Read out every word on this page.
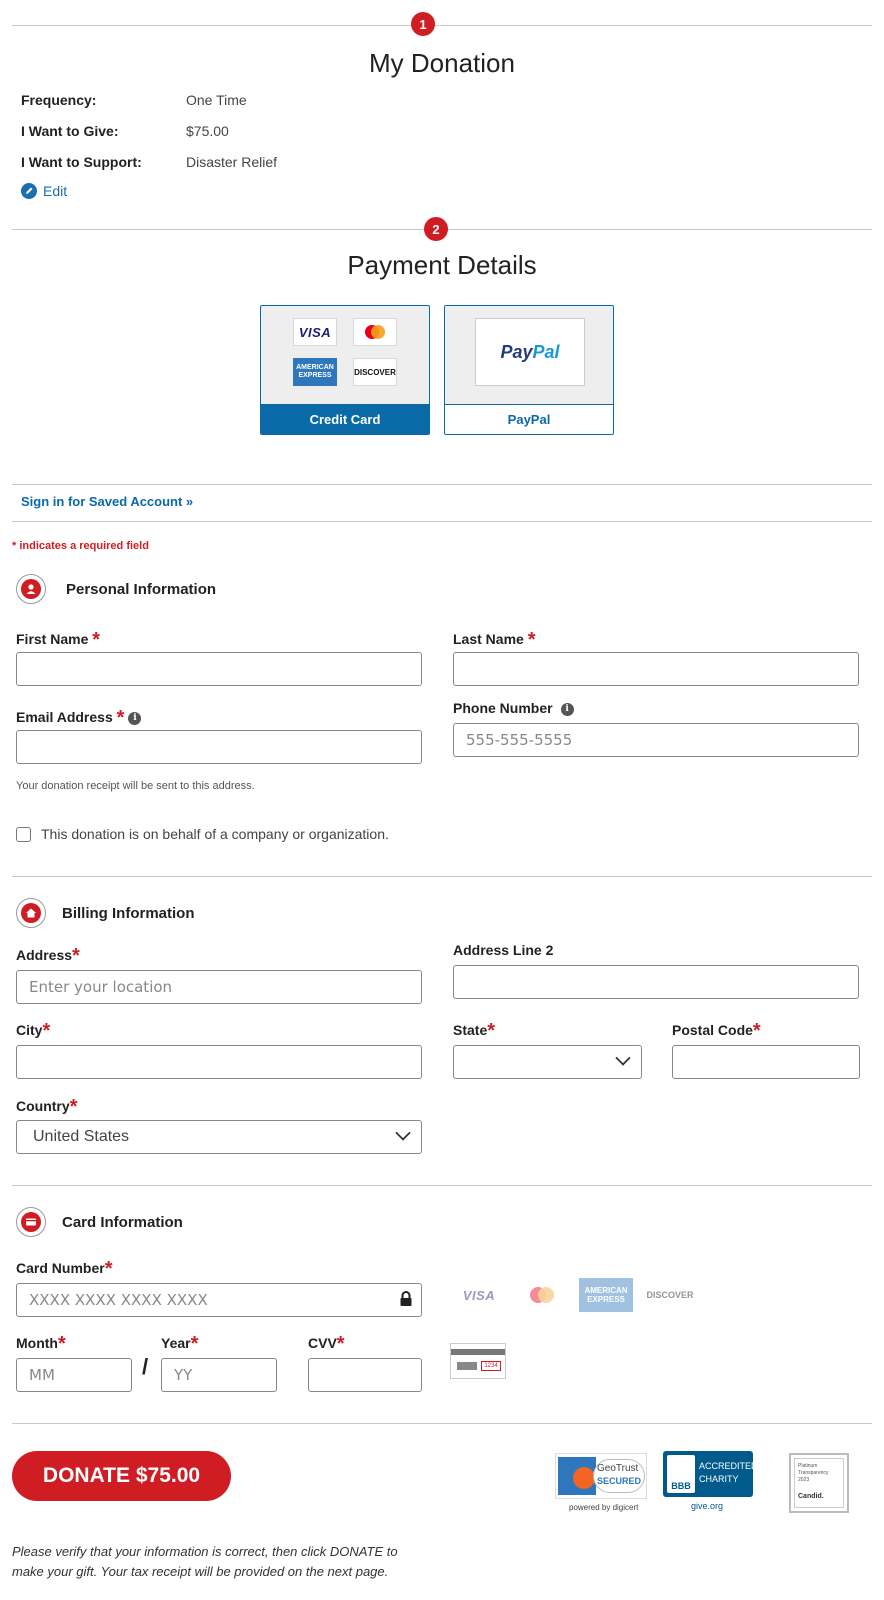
1
My Donation
Frequency:	One Time
I Want to Give:	$75.00
I Want to Support:	Disaster Relief
Edit
2
Payment Details
VISA
AMERICAN EXPRESS	DISCOVER
Credit Card
Pay Pal
PayPal
Sign in for Saved Account »
* indicates a required field
Personal Information
First Name *	Last Name *
Email Address * i
Phone Number i
555-555-5555
Your donation receipt will be sent to this address.
This donation is on behalf of a company or organization.
Billing Information
Address*
Enter your location	Address Line 2
City*	State*	Postal Code*
Country*
United States
Card Information
Card Number*
XXXX XXXX XXXX XXXX
VISA	AMERICAN EXPRESS	DISCOVER
Month*
MM
/
Year*
YY	CVV*
1234
DONATE $75.00	GeoTrust
SECURED
powered by digicert
BBB
ACCREDITED
CHARITY
give.org
Platinum
Transparency
2023
Candid.
Please verify that your information is correct, then click DONATE to make your gift. Your tax receipt will be provided on the next page.
